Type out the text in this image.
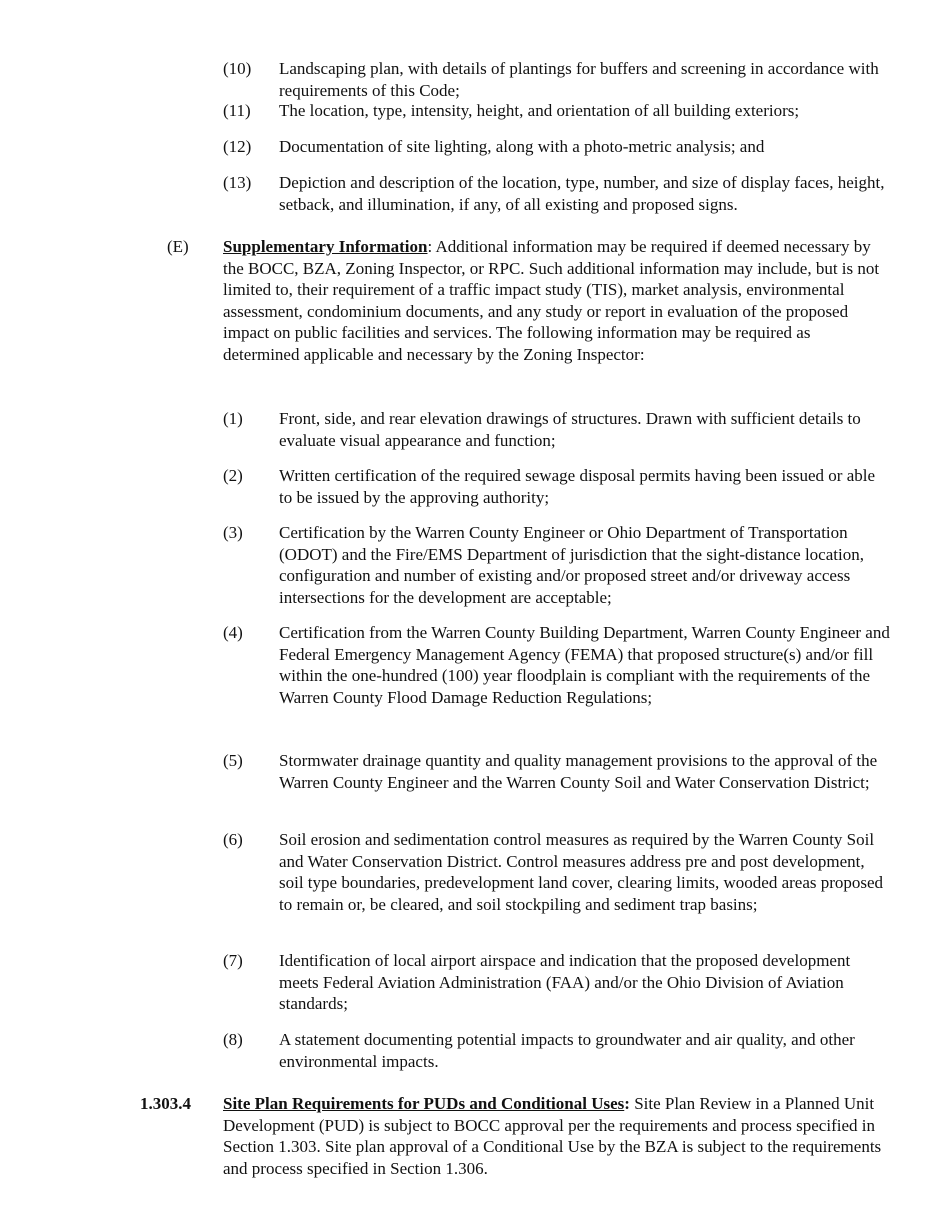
(10) Landscaping plan, with details of plantings for buffers and screening in accordance with requirements of this Code;
(11) The location, type, intensity, height, and orientation of all building exteriors;
(12) Documentation of site lighting, along with a photo-metric analysis; and
(13) Depiction and description of the location, type, number, and size of display faces, height, setback, and illumination, if any, of all existing and proposed signs.
(E) Supplementary Information: Additional information may be required if deemed necessary by the BOCC, BZA, Zoning Inspector, or RPC. Such additional information may include, but is not limited to, their requirement of a traffic impact study (TIS), market analysis, environmental assessment, condominium documents, and any study or report in evaluation of the proposed impact on public facilities and services. The following information may be required as determined applicable and necessary by the Zoning Inspector:
(1) Front, side, and rear elevation drawings of structures. Drawn with sufficient details to evaluate visual appearance and function;
(2) Written certification of the required sewage disposal permits having been issued or able to be issued by the approving authority;
(3) Certification by the Warren County Engineer or Ohio Department of Transportation (ODOT) and the Fire/EMS Department of jurisdiction that the sight-distance location, configuration and number of existing and/or proposed street and/or driveway access intersections for the development are acceptable;
(4) Certification from the Warren County Building Department, Warren County Engineer and Federal Emergency Management Agency (FEMA) that proposed structure(s) and/or fill within the one-hundred (100) year floodplain is compliant with the requirements of the Warren County Flood Damage Reduction Regulations;
(5) Stormwater drainage quantity and quality management provisions to the approval of the Warren County Engineer and the Warren County Soil and Water Conservation District;
(6) Soil erosion and sedimentation control measures as required by the Warren County Soil and Water Conservation District. Control measures address pre and post development, soil type boundaries, predevelopment land cover, clearing limits, wooded areas proposed to remain or, be cleared, and soil stockpiling and sediment trap basins;
(7) Identification of local airport airspace and indication that the proposed development meets Federal Aviation Administration (FAA) and/or the Ohio Division of Aviation standards;
(8) A statement documenting potential impacts to groundwater and air quality, and other environmental impacts.
1.303.4 Site Plan Requirements for PUDs and Conditional Uses: Site Plan Review in a Planned Unit Development (PUD) is subject to BOCC approval per the requirements and process specified in Section 1.303. Site plan approval of a Conditional Use by the BZA is subject to the requirements and process specified in Section 1.306.
